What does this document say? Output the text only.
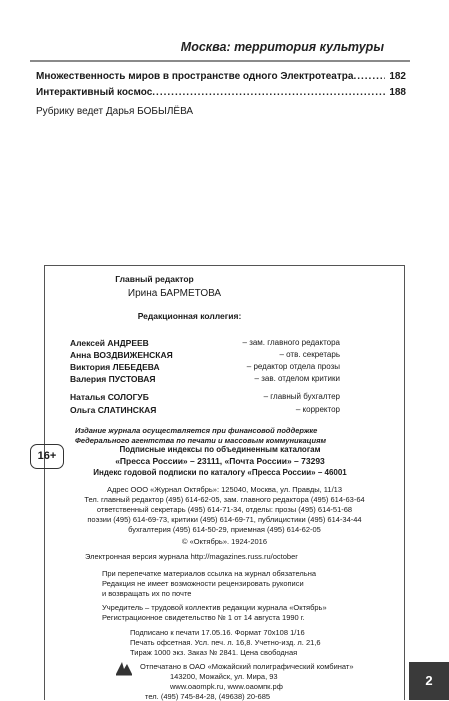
Москва: территория культуры
Множественность миров в пространстве одного Электротеатра .....	182
Интерактивный космос .....	188
Рубрику ведет Дарья БОБЫЛЁВА
Главный редактор
Ирина БАРМЕТОВА
Редакционная коллегия:
Алексей АНДРЕЕВ	– зам. главного редактора
Анна ВОЗДВИЖЕНСКАЯ	– отв. секретарь
Виктория ЛЕБЕДЕВА	– редактор отдела прозы
Валерия ПУСТОВАЯ	– зав. отделом критики
Наталья СОЛОГУБ	– главный бухгалтер
Ольга СЛАТИНСКАЯ	– корректор
Издание журнала осуществляется при финансовой поддержке
Федерального агентства по печати и массовым коммуникациям
16+
Подписные индексы по объединенным каталогам
«Пресса России» – 23111, «Почта России» – 73293
Индекс годовой подписки по каталогу «Пресса России» – 46001
Адрес ООО «Журнал Октябрь»: 125040, Москва, ул. Правды, 11/13
Тел. главный редактор (495) 614-62-05, зам. главного редактора (495) 614-63-64
ответственный секретарь (495) 614-71-34, отделы: прозы (495) 614-51-68
поэзии (495) 614-69-73, критики (495) 614-69-71, публицистики (495) 614-34-44
бухгалтерия (495) 614-50-29, приемная (495) 614-62-05
© «Октябрь». 1924-2016
Электронная версия журнала http://magazines.russ.ru/october
При перепечатке материалов ссылка на журнал обязательна
Редакция не имеет возможности рецензировать рукописи
и возвращать их по почте
Учредитель – трудовой коллектив редакции журнала «Октябрь»
Регистрационное свидетельство № 1 от 14 августа 1990 г.
Подписано к печати 17.05.16. Формат 70х108 1/16
Печать офсетная. Усл. печ. л. 16,8. Учетно-изд. л. 21,6
Тираж 1000 экз. Заказ № 2841. Цена свободная
Отпечатано в ОАО «Можайский полиграфический комбинат»
143200, Можайск, ул. Мира, 93
www.oaompk.ru, www.оаомпк.рф
тел. (495) 745-84-28, (49638) 20-685
2
